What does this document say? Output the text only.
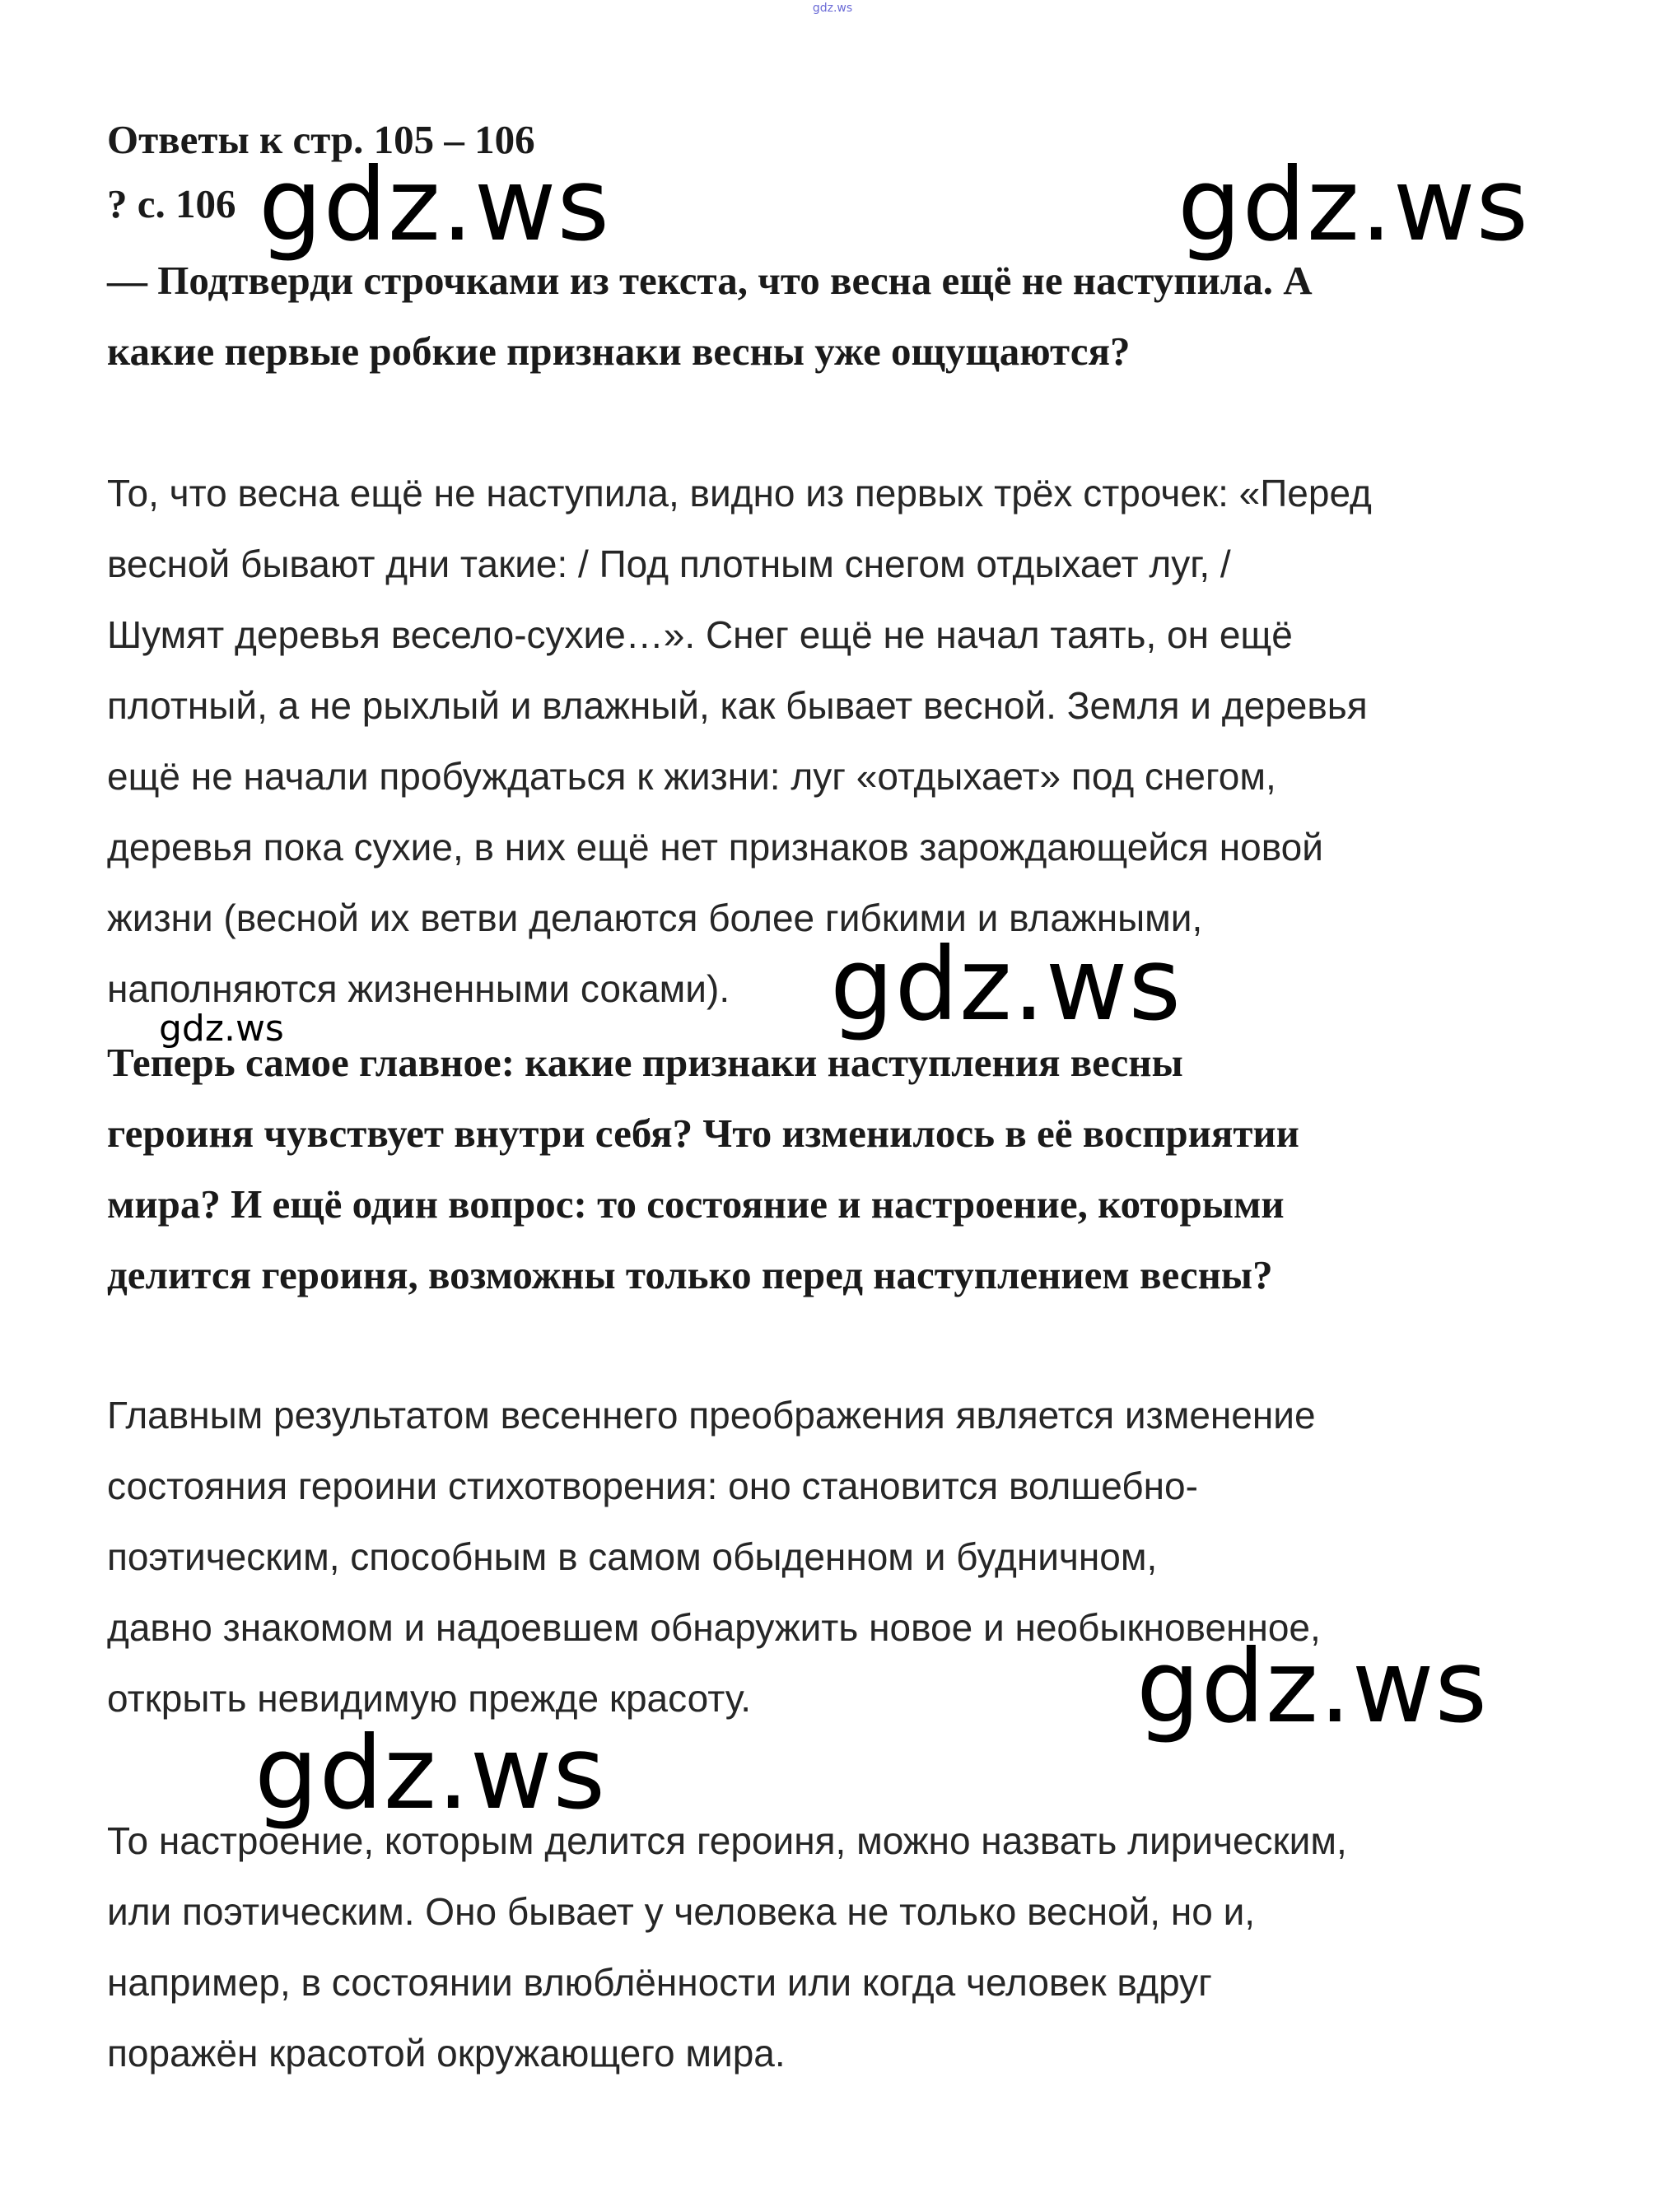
gdz.ws
Ответы к стр. 105 – 106
? с. 106
— Подтверди строчками из текста, что весна ещё не наступила. А
какие первые робкие признаки весны уже ощущаются?
То, что весна ещё не наступила, видно из первых трёх строчек: «Перед
весной бывают дни такие: / Под плотным снегом отдыхает луг, /
Шумят деревья весело-сухие…». Снег ещё не начал таять, он ещё
плотный, а не рыхлый и влажный, как бывает весной. Земля и деревья
ещё не начали пробуждаться к жизни: луг «отдыхает» под снегом,
деревья пока сухие, в них ещё нет признаков зарождающейся новой
жизни (весной их ветви делаются более гибкими и влажными,
наполняются жизненными соками).
Теперь самое главное: какие признаки наступления весны
героиня чувствует внутри себя? Что изменилось в её восприятии
мира? И ещё один вопрос: то состояние и настроение, которыми
делится героиня, возможны только перед наступлением весны?
Главным результатом весеннего преображения является изменение
состояния героини стихотворения: оно становится волшебно-
поэтическим, способным в самом обыденном и будничном,
давно знакомом и надоевшем обнаружить новое и необыкновенное,
открыть невидимую прежде красоту.
То настроение, которым делится героиня, можно назвать лирическим,
или поэтическим. Оно бывает у человека не только весной, но и,
например, в состоянии влюблённости или когда человек вдруг
поражён красотой окружающего мира.
gdz.ws	gdz.ws
gdz.ws
gdz.ws
gdz.ws
gdz.ws
